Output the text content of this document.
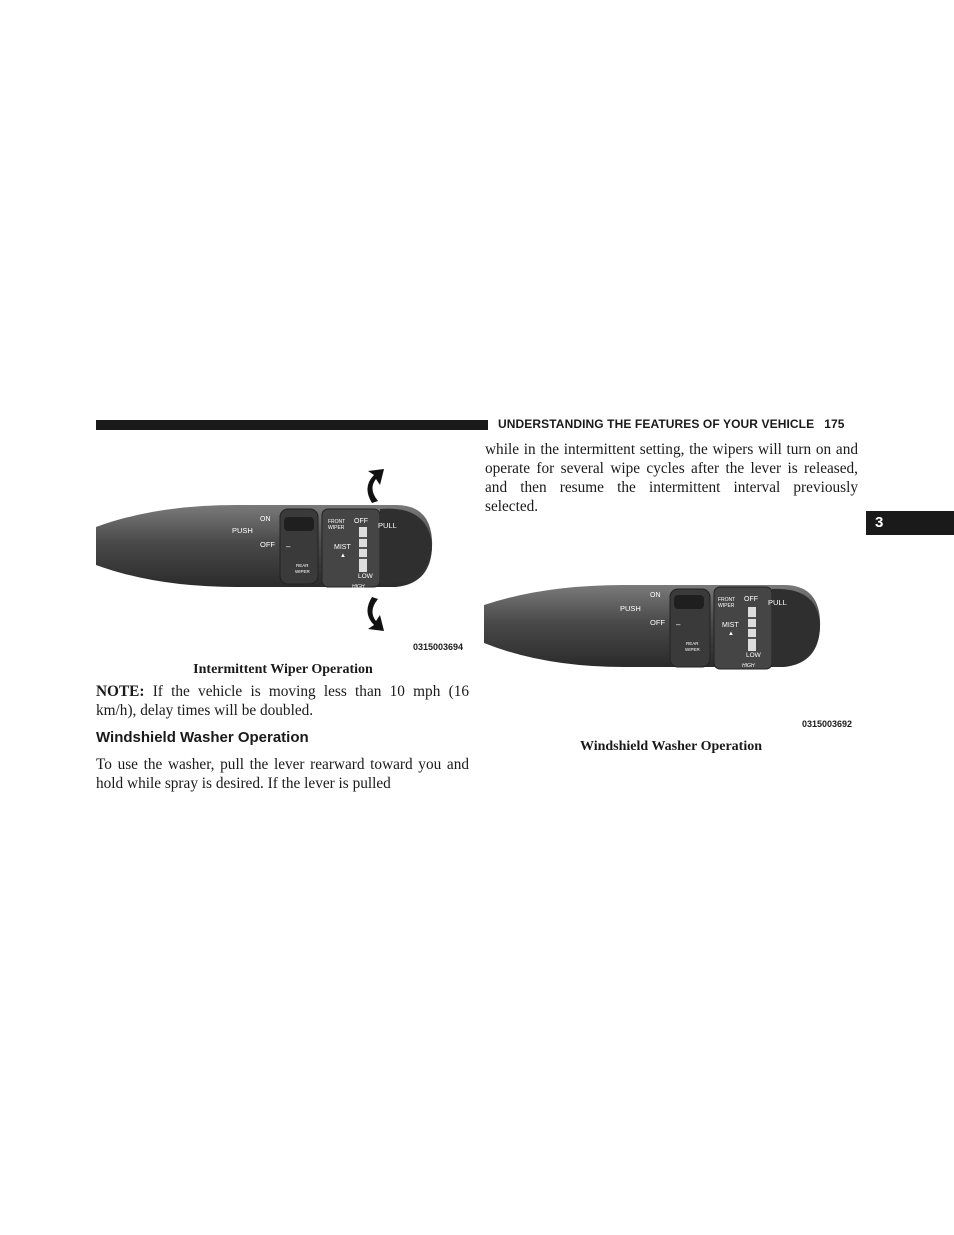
UNDERSTANDING THE FEATURES OF YOUR VEHICLE 175
3
ON
PUSH
OFF –
REAR
WIPER
FRONT
WIPER
MIST
▲
OFF PULL
LOW
HIGH
0315003694
Intermittent Wiper Operation
NOTE: If the vehicle is moving less than 10 mph (16 km/h), delay times will be doubled.
Windshield Washer Operation
To use the washer, pull the lever rearward toward you and hold while spray is desired. If the lever is pulled
while in the intermittent setting, the wipers will turn on and operate for several wipe cycles after the lever is released, and then resume the intermittent interval previously selected.
ON
PUSH
OFF –
REAR
WIPER
FRONT
WIPER
MIST
▲
OFF PULL
LOW
HIGH
0315003692
Windshield Washer Operation
